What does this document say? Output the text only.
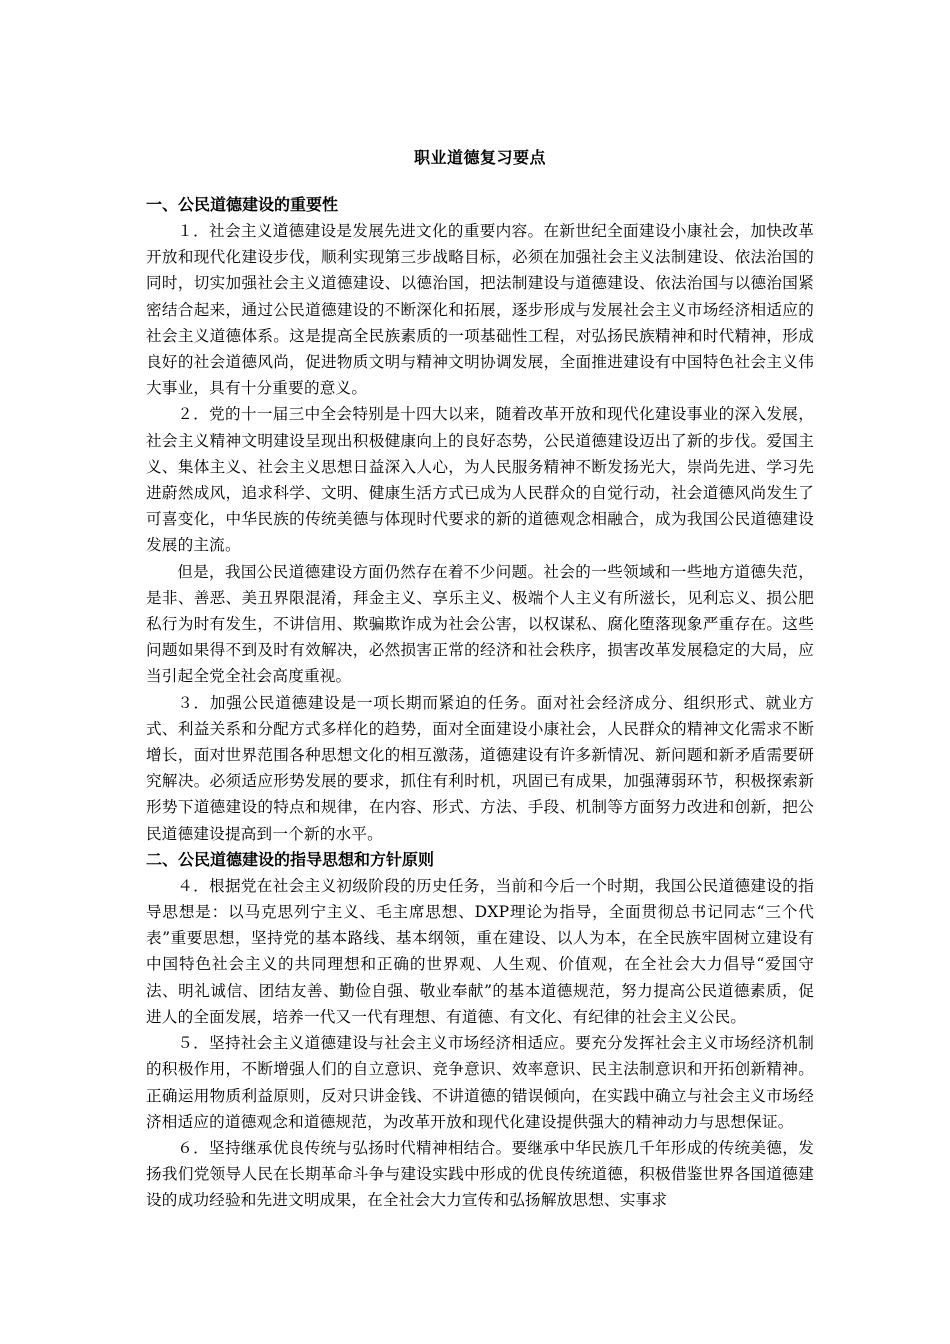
职业道德复习要点
一、公民道德建设的重要性

１．社会主义道德建设是发展先进文化的重要内容。在新世纪全面建设小康社会，加快改革开放和现代化建设步伐，顺利实现第三步战略目标，必须在加强社会主义法制建设、依法治国的同时，切实加强社会主义道德建设、以德治国，把法制建设与道德建设、依法治国与以德治国紧密结合起来，通过公民道德建设的不断深化和拓展，逐步形成与发展社会主义市场经济相适应的社会主义道德体系。这是提高全民族素质的一项基础性工程，对弘扬民族精神和时代精神，形成良好的社会道德风尚，促进物质文明与精神文明协调发展，全面推进建设有中国特色社会主义伟大事业，具有十分重要的意义。

２．党的十一届三中全会特别是十四大以来，随着改革开放和现代化建设事业的深入发展，社会主义精神文明建设呈现出积极健康向上的良好态势，公民道德建设迈出了新的步伐。爱国主义、集体主义、社会主义思想日益深入人心，为人民服务精神不断发扬光大，崇尚先进、学习先进蔚然成风，追求科学、文明、健康生活方式已成为人民群众的自觉行动，社会道德风尚发生了可喜变化，中华民族的传统美德与体现时代要求的新的道德观念相融合，成为我国公民道德建设发展的主流。

但是，我国公民道德建设方面仍然存在着不少问题。社会的一些领域和一些地方道德失范，是非、善恶、美丑界限混淆，拜金主义、享乐主义、极端个人主义有所滋长，见利忘义、损公肥私行为时有发生，不讲信用、欺骗欺诈成为社会公害，以权谋私、腐化堕落现象严重存在。这些问题如果得不到及时有效解决，必然损害正常的经济和社会秩序，损害改革发展稳定的大局，应当引起全党全社会高度重视。

３．加强公民道德建设是一项长期而紧迫的任务。面对社会经济成分、组织形式、就业方式、利益关系和分配方式多样化的趋势，面对全面建设小康社会，人民群众的精神文化需求不断增长，面对世界范围各种思想文化的相互激荡，道德建设有许多新情况、新问题和新矛盾需要研究解决。必须适应形势发展的要求，抓住有利时机，巩固已有成果，加强薄弱环节，积极探索新形势下道德建设的特点和规律，在内容、形式、方法、手段、机制等方面努力改进和创新，把公民道德建设提高到一个新的水平。

二、公民道德建设的指导思想和方针原则

４．根据党在社会主义初级阶段的历史任务，当前和今后一个时期，我国公民道德建设的指导思想是：以马克思列宁主义、毛主席思想、DXP理论为指导，全面贯彻总书记同志“三个代表”重要思想，坚持党的基本路线、基本纲领，重在建设、以人为本，在全民族牢固树立建设有中国特色社会主义的共同理想和正确的世界观、人生观、价值观，在全社会大力倡导“爱国守法、明礼诚信、团结友善、勤俭自强、敬业奉献”的基本道德规范，努力提高公民道德素质，促进人的全面发展，培养一代又一代有理想、有道德、有文化、有纪律的社会主义公民。

５．坚持社会主义道德建设与社会主义市场经济相适应。要充分发挥社会主义市场经济机制的积极作用，不断增强人们的自立意识、竞争意识、效率意识、民主法制意识和开拓创新精神。正确运用物质利益原则，反对只讲金钱、不讲道德的错误倾向，在实践中确立与社会主义市场经济相适应的道德观念和道德规范，为改革开放和现代化建设提供强大的精神动力与思想保证。

６．坚持继承优良传统与弘扬时代精神相结合。要继承中华民族几千年形成的传统美德，发扬我们党领导人民在长期革命斗争与建设实践中形成的优良传统道德，积极借鉴世界各国道德建设的成功经验和先进文明成果，在全社会大力宣传和弘扬解放思想、实事求
